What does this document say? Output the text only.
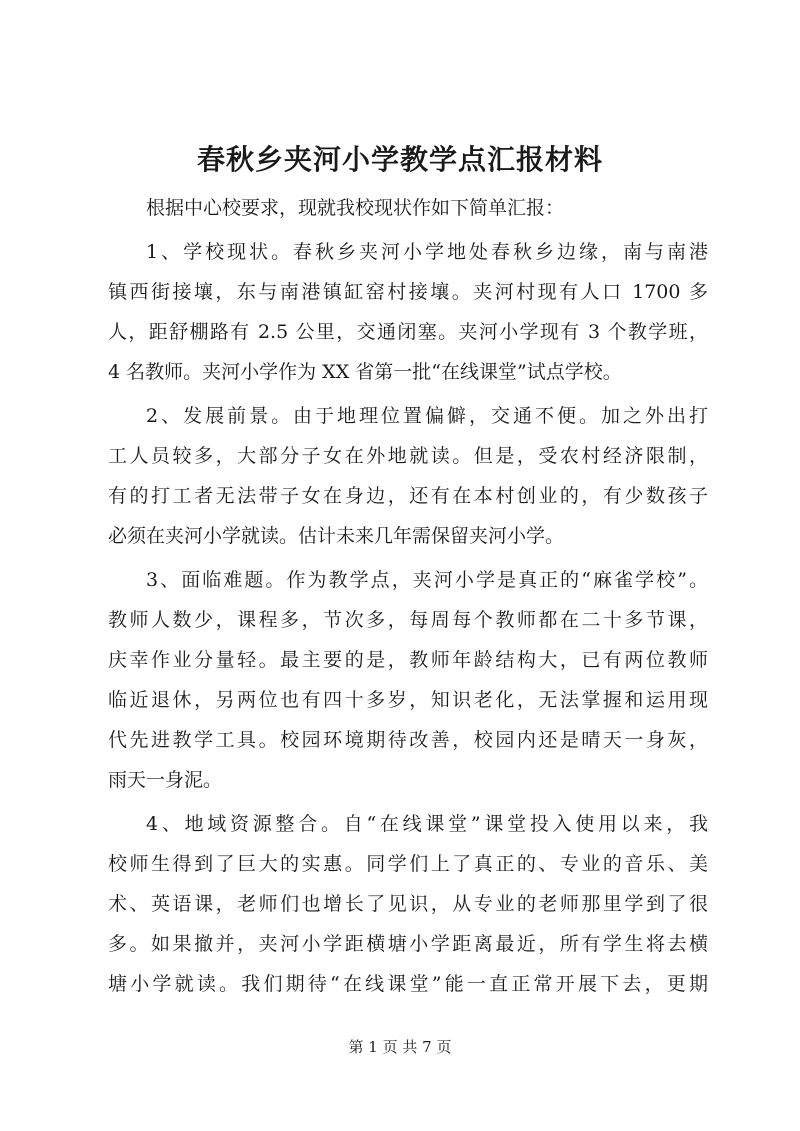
春秋乡夹河小学教学点汇报材料
根据中心校要求，现就我校现状作如下简单汇报：
1、学校现状。春秋乡夹河小学地处春秋乡边缘，南与南港
镇西街接壤，东与南港镇缸窑村接壤。夹河村现有人口 1700 多
人，距舒棚路有 2.5 公里，交通闭塞。夹河小学现有 3 个教学班，
4 名教师。夹河小学作为 XX 省第一批“在线课堂”试点学校。
2、发展前景。由于地理位置偏僻，交通不便。加之外出打
工人员较多，大部分子女在外地就读。但是，受农村经济限制，
有的打工者无法带子女在身边，还有在本村创业的，有少数孩子
必须在夹河小学就读。估计未来几年需保留夹河小学。
3、面临难题。作为教学点，夹河小学是真正的“麻雀学校”。
教师人数少，课程多，节次多，每周每个教师都在二十多节课，
庆幸作业分量轻。最主要的是，教师年龄结构大，已有两位教师
临近退休，另两位也有四十多岁，知识老化，无法掌握和运用现
代先进教学工具。校园环境期待改善，校园内还是晴天一身灰，
雨天一身泥。
4、地域资源整合。自“在线课堂”课堂投入使用以来，我
校师生得到了巨大的实惠。同学们上了真正的、专业的音乐、美
术、英语课，老师们也增长了见识，从专业的老师那里学到了很
多。如果撤并，夹河小学距横塘小学距离最近，所有学生将去横
塘小学就读。我们期待“在线课堂”能一直正常开展下去，更期
第 1 页 共 7 页
